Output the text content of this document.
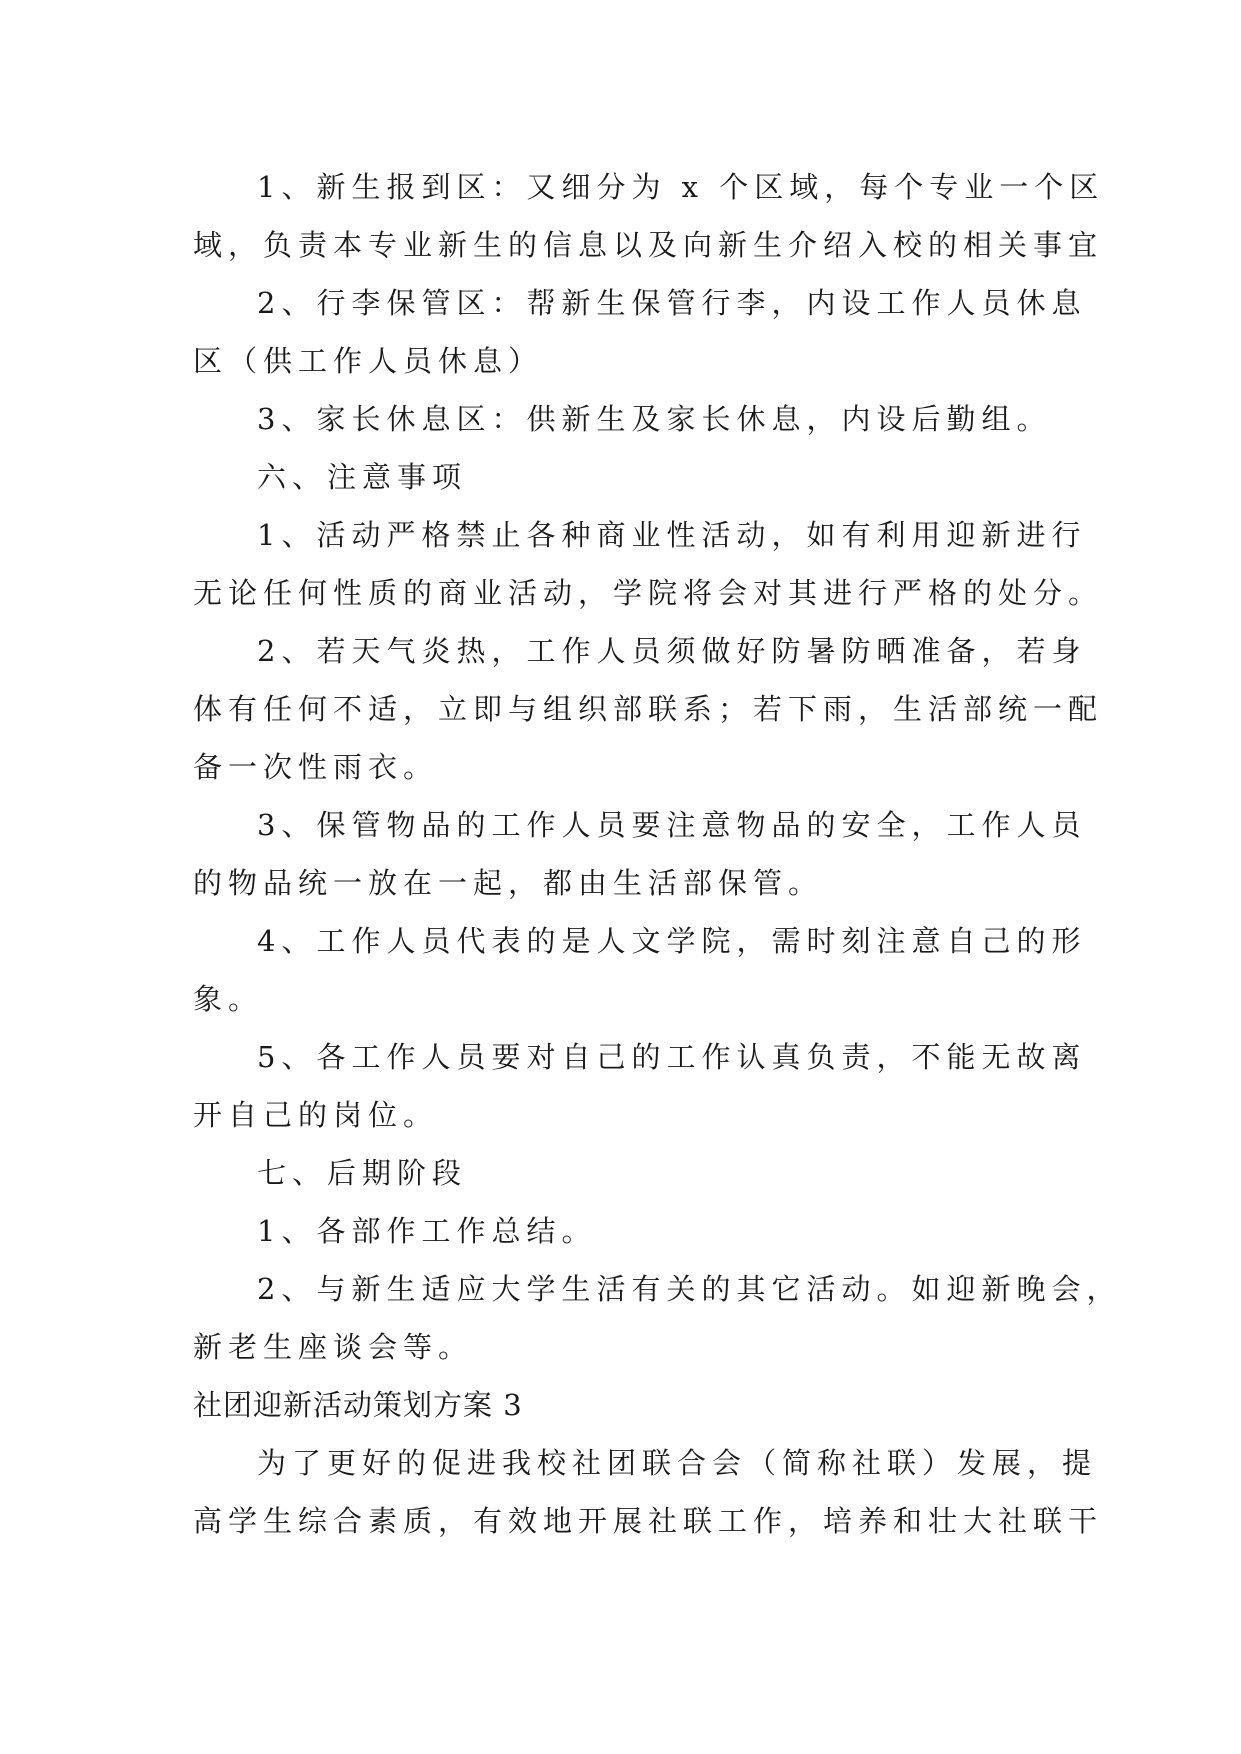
1、新生报到区：又细分为 x 个区域，每个专业一个区
域，负责本专业新生的信息以及向新生介绍入校的相关事宜
2、行李保管区：帮新生保管行李，内设工作人员休息
区（供工作人员休息）
3、家长休息区：供新生及家长休息，内设后勤组。
六、注意事项
1、活动严格禁止各种商业性活动，如有利用迎新进行
无论任何性质的商业活动，学院将会对其进行严格的处分。
2、若天气炎热，工作人员须做好防暑防晒准备，若身
体有任何不适，立即与组织部联系；若下雨，生活部统一配
备一次性雨衣。
3、保管物品的工作人员要注意物品的安全，工作人员
的物品统一放在一起，都由生活部保管。
4、工作人员代表的是人文学院，需时刻注意自己的形
象。
5、各工作人员要对自己的工作认真负责，不能无故离
开自己的岗位。
七、后期阶段
1、各部作工作总结。
2、与新生适应大学生活有关的其它活动。如迎新晚会，
新老生座谈会等。
社团迎新活动策划方案 3
为了更好的促进我校社团联合会（简称社联）发展，提
高学生综合素质，有效地开展社联工作，培养和壮大社联干
